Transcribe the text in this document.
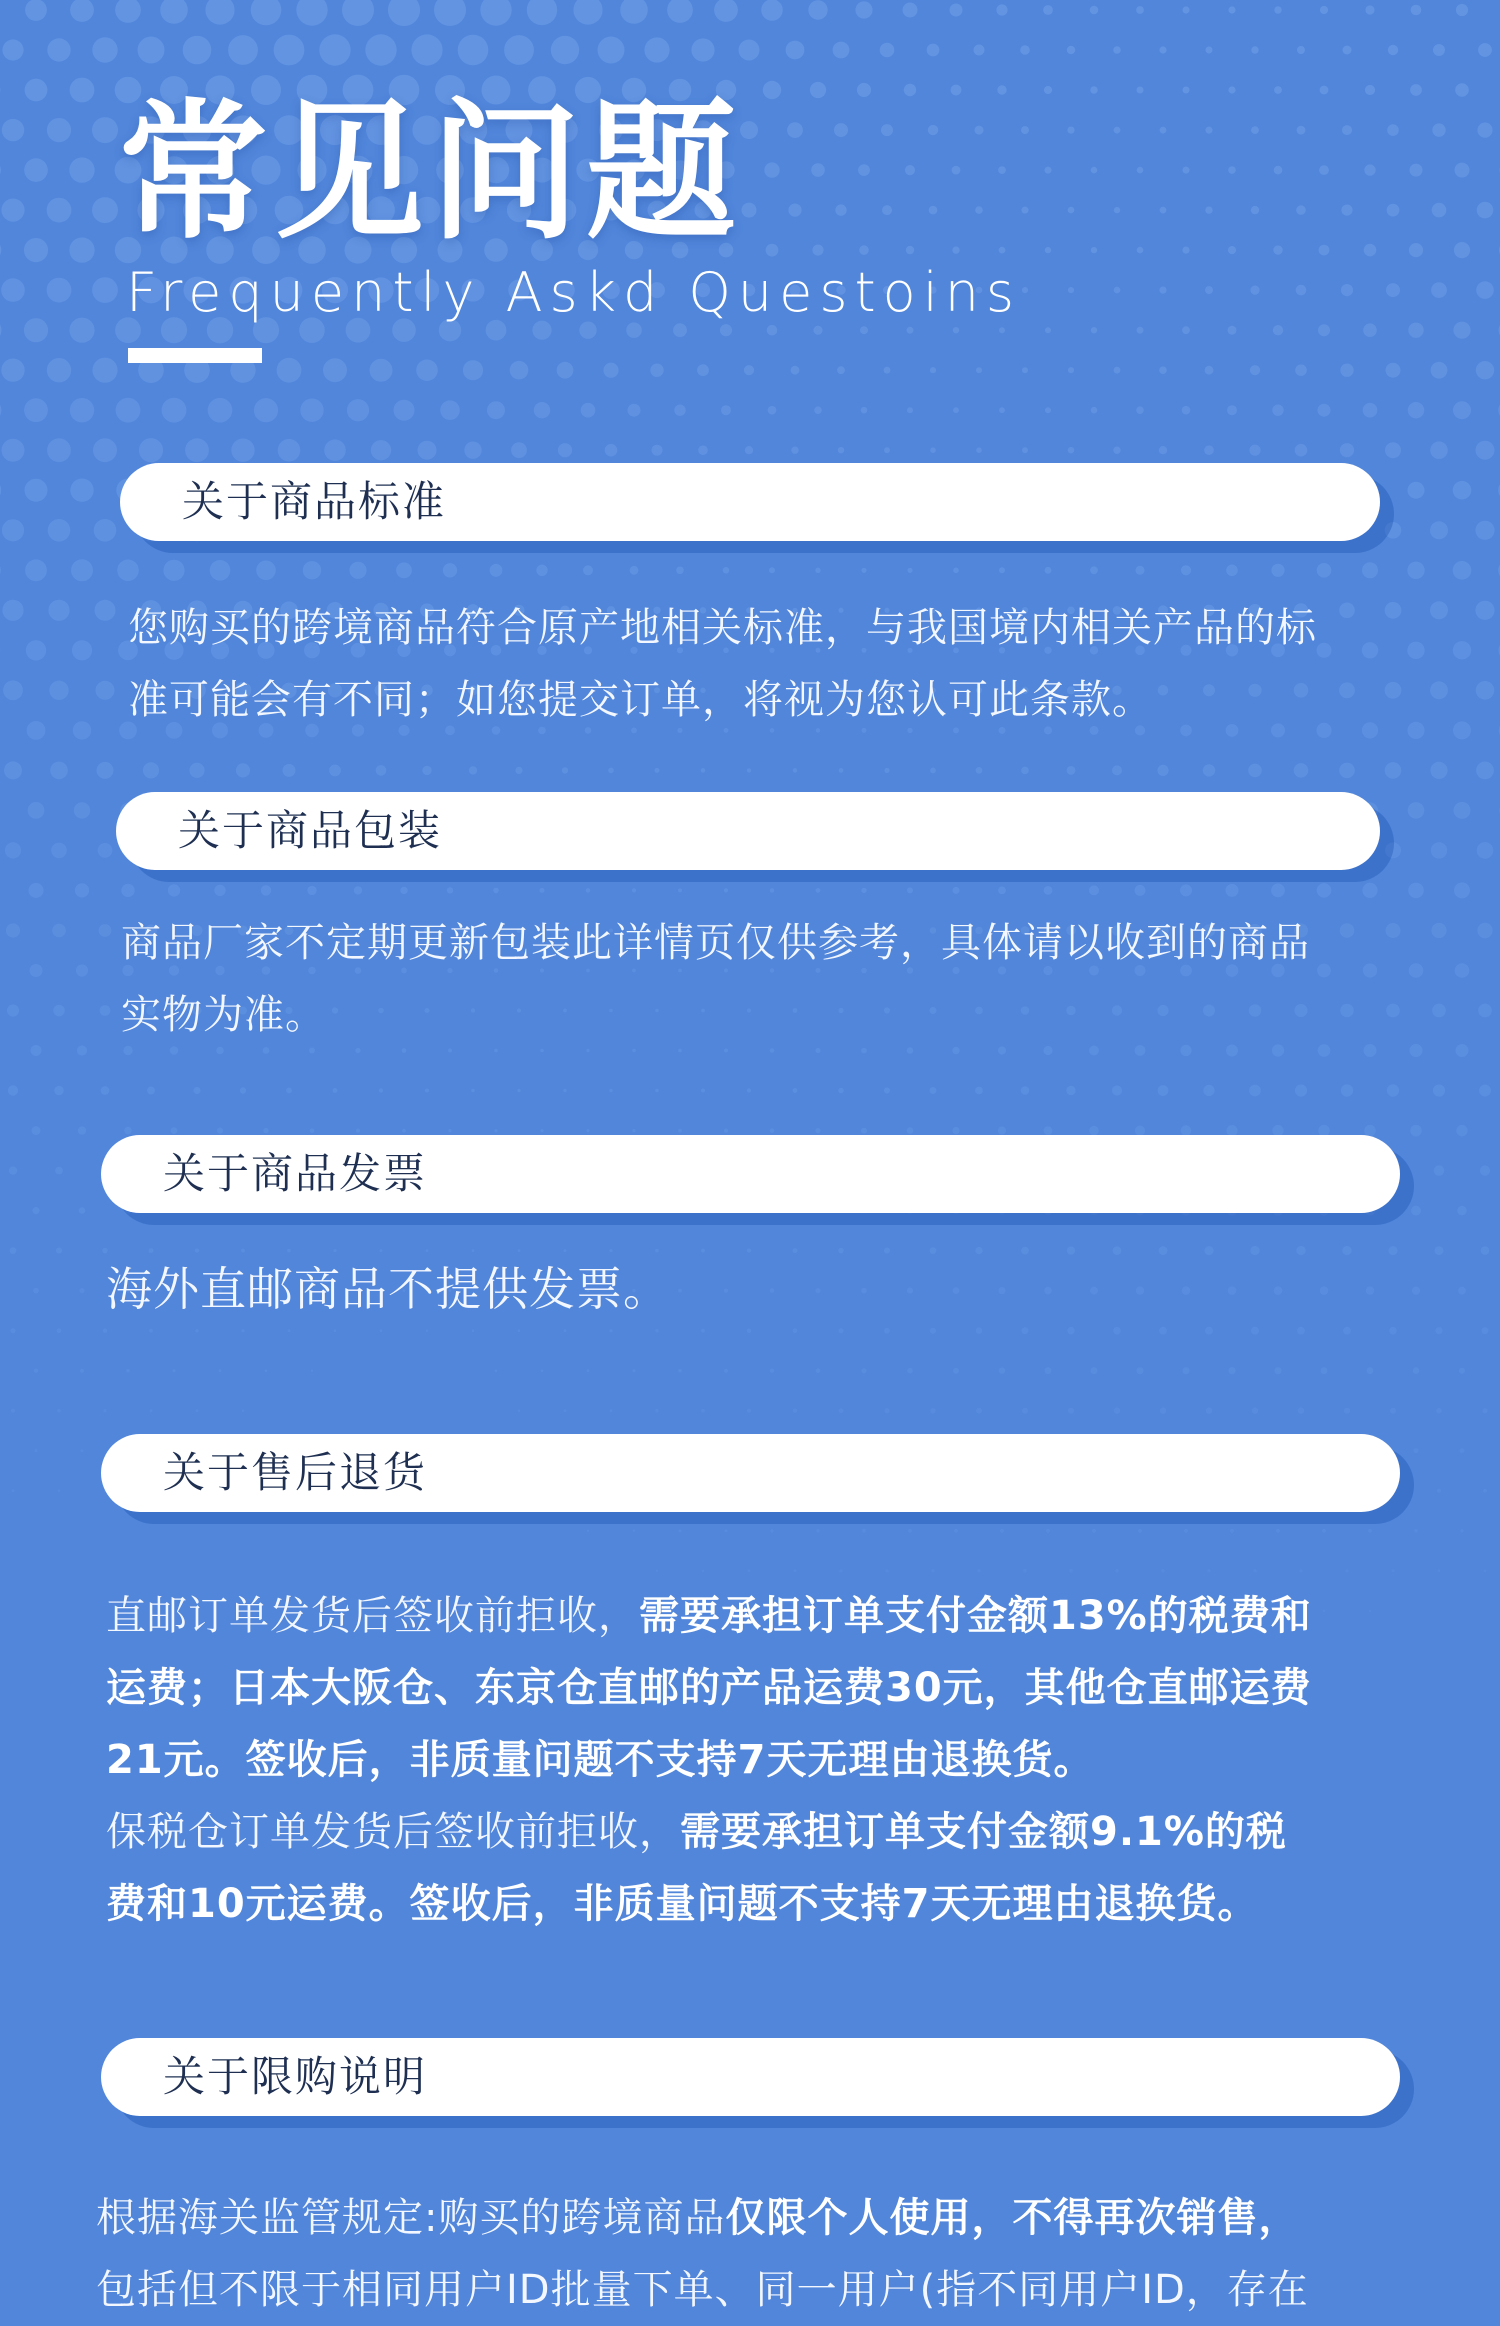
常见问题
Frequently Askd Questoins
关于商品标准

您购买的跨境商品符合原产地相关标准，与我国境内相关产品的标
准可能会有不同；如您提交订单，将视为您认可此条款。

关于商品包装

商品厂家不定期更新包装此详情页仅供参考，具体请以收到的商品
实物为准。

关于商品发票

海外直邮商品不提供发票。

关于售后退货

直邮订单发货后签收前拒收，需要承担订单支付金额13%的税费和
运费；日本大阪仓、东京仓直邮的产品运费30元，其他仓直邮运费
21元。签收后，非质量问题不支持7天无理由退换货。
保税仓订单发货后签收前拒收，需要承担订单支付金额9.1%的税
费和10元运费。签收后，非质量问题不支持7天无理由退换货。

关于限购说明

根据海关监管规定:购买的跨境商品仅限个人使用，不得再次销售，
包括但不限于相同用户ID批量下单、同一用户(指不同用户ID，存在
